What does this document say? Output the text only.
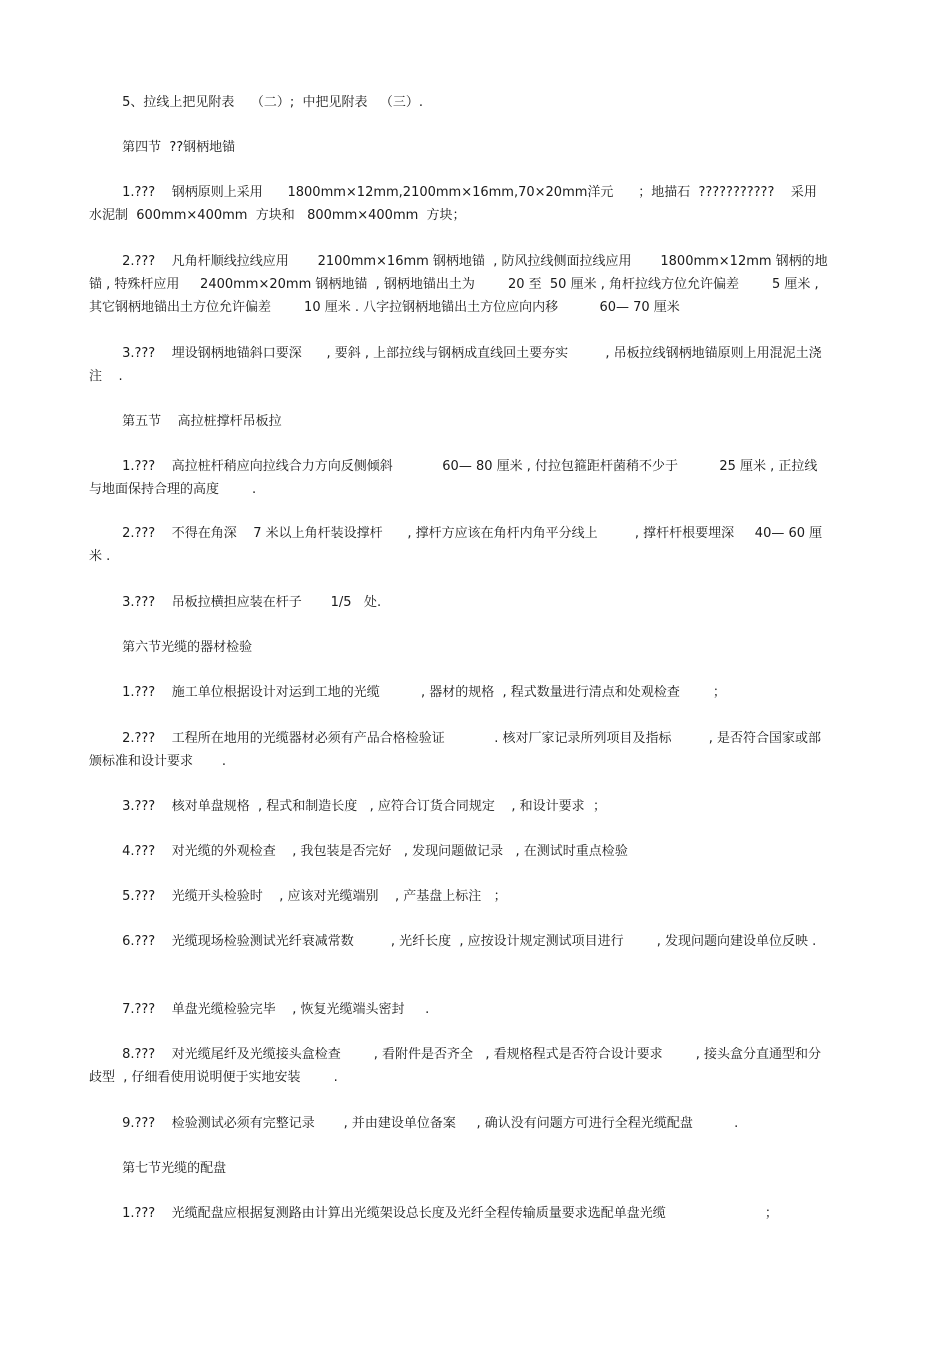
5、拉线上把见附表    （二）;  中把见附表   （三）.

第四节  ??钢柄地锚

1.???    钢柄原则上采用      1800mm×12mm,2100mm×16mm,70×20mm洋元      ；地描石  ???????????    采用水泥制  600mm×400mm  方块和   800mm×400mm  方块；

2.???    凡角杆顺线拉线应用       2100mm×16mm 钢柄地锚  , 防风拉线侧面拉线应用       1800mm×12mm 钢柄的地锚 , 特殊杆应用     2400mm×20mm 钢柄地锚  , 钢柄地锚出土为        20 至  50 厘米 , 角杆拉线方位允许偏差        5 厘米 , 其它钢柄地锚出土方位允许偏差        10 厘米 . 八字拉钢柄地锚出土方位应向内移          60— 70 厘米

3.???    埋设钢柄地锚斜口要深      , 要斜 , 上部拉线与钢柄成直线回土要夯实         , 吊板拉线钢柄地锚原则上用混泥土浇注    .

第五节    高拉桩撑杆吊板拉

1.???    高拉桩杆稍应向拉线合力方向反侧倾斜            60— 80 厘米 , 付拉包箍距杆菌稍不少于          25 厘米 , 正拉线与地面保持合理的高度        .

2.???    不得在角深    7 米以上角杆装设撑杆      , 撑杆方应该在角杆内角平分线上         , 撑杆杆根要埋深     40— 60 厘米 .

3.???    吊板拉横担应装在杆子       1/5   处.

第六节光缆的器材检验

1.???    施工单位根据设计对运到工地的光缆          , 器材的规格  , 程式数量进行清点和处观检查        ；

2.???    工程所在地用的光缆器材必须有产品合格检验证            . 核对厂家记录所列项目及指标         , 是否符合国家或部颁标准和设计要求       .

3.???    核对单盘规格  , 程式和制造长度   , 应符合订货合同规定    , 和设计要求  ；

4.???    对光缆的外观检查    , 我包装是否完好   , 发现问题做记录   , 在测试时重点检验

5.???    光缆开头检验时    , 应该对光缆端别    , 产基盘上标注   ；

6.???    光缆现场检验测试光纤衰减常数         , 光纤长度  , 应按设计规定测试项目进行        , 发现问题向建设单位反映 .

7.???    单盘光缆检验完毕    , 恢复光缆端头密封     .

8.???    对光缆尾纤及光缆接头盒检查        , 看附件是否齐全   , 看规格程式是否符合设计要求        , 接头盒分直通型和分歧型  , 仔细看使用说明便于实地安装        .

9.???    检验测试必须有完整记录       , 并由建设单位备案     , 确认没有问题方可进行全程光缆配盘          .

第七节光缆的配盘

1.???    光缆配盘应根据复测路由计算出光缆架设总长度及光纤全程传输质量要求选配单盘光缆                        ；
